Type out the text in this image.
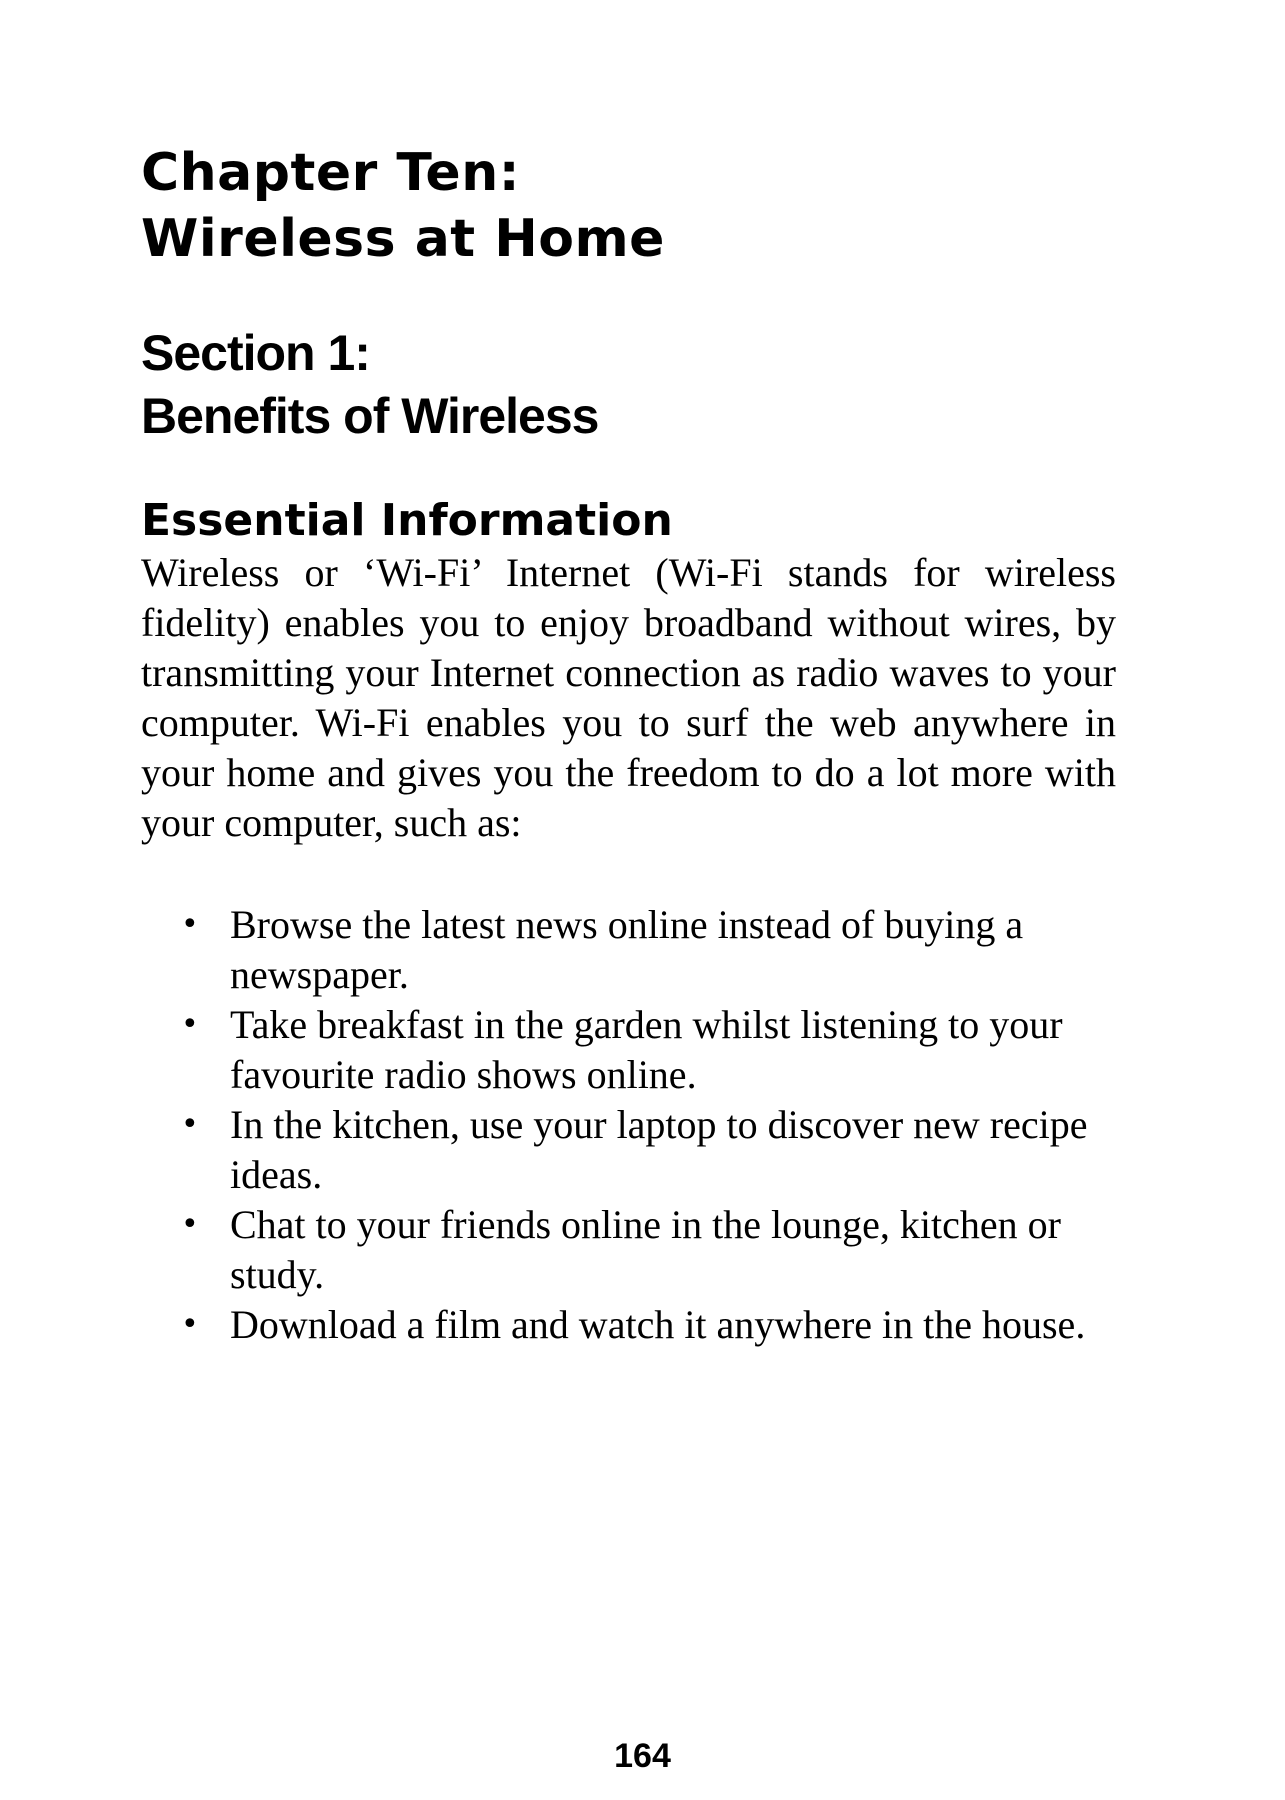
Chapter Ten:
Wireless at Home
Section 1:
Benefits of Wireless
Essential Information

Wireless or ‘Wi-Fi’ Internet (Wi-Fi stands for wireless fidelity) enables you to enjoy broadband without wires, by transmitting your Internet connection as radio waves to your computer. Wi-Fi enables you to surf the web anywhere in your home and gives you the freedom to do a lot more with your computer, such as:

• Browse the latest news online instead of buying a newspaper.
• Take breakfast in the garden whilst listening to your favourite radio shows online.
• In the kitchen, use your laptop to discover new recipe ideas.
• Chat to your friends online in the lounge, kitchen or study.
• Download a film and watch it anywhere in the house.
164
